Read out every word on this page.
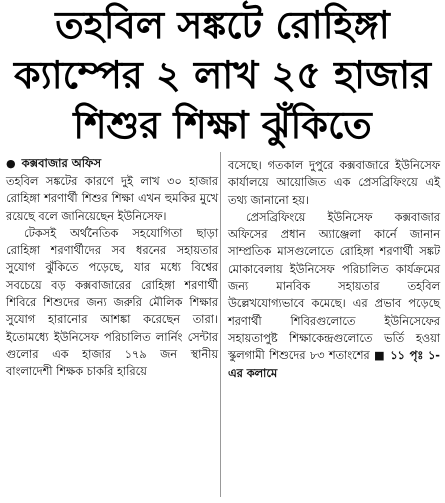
তহবিল সঙ্কটে রোহিঙ্গা
ক্যাম্পের ২ লাখ ২৫ হাজার
শিশুর শিক্ষা ঝুঁকিতে
● কক্সবাজার অফিস

তহবিল সঙ্কটের কারণে দুই লাখ ৩০ হাজার রোহিঙ্গা শরণার্থী শিশুর শিক্ষা এখন হুমকির মুখে রয়েছে বলে জানিয়েছেন ইউনিসেফ।

টেকসই অর্থনৈতিক সহযোগিতা ছাড়া রোহিঙ্গা শরণার্থীদের সব ধরনের সহায়তার সুযোগ ঝুঁকিতে পড়েছে, যার মধ্যে বিশ্বের সবচেয়ে বড় কক্সবাজারের রোহিঙ্গা শরণার্থী শিবিরে শিশুদের জন্য জরুরি মৌলিক শিক্ষার সুযোগ হারানোর আশঙ্কা করেছেন তারা। ইতোমধ্যে ইউনিসেফ পরিচালিত লার্নিং সেন্টার গুলোর এক হাজার ১৭৯ জন স্থানীয় বাংলাদেশী শিক্ষক চাকরি হারিয়ে

বসেছে। গতকাল দুপুরে কক্সবাজারে ইউনিসেফ কার্যালয়ে আয়োজিত এক প্রেসব্রিফিংয়ে এই তথ্য জানানো হয়।

প্রেসব্রিফিংয়ে ইউনিসেফ কক্সবাজার অফিসের প্রধান অ্যাঞ্জেলা কার্নে জানান সাম্প্রতিক মাসগুলোতে রোহিঙ্গা শরণার্থী সঙ্কট মোকাবেলায় ইউনিসেফ পরিচালিত কার্যক্রমের জন্য মানবিক সহায়তার তহবিল উল্লেখযোগ্যভাবে কমেছে। এর প্রভাব পড়েছে শরণার্থী শিবিরগুলোতে ইউনিসেফের সহায়তাপুষ্ট শিক্ষাকেন্দ্রগুলোতে ভর্তি হওয়া স্কুলগামী শিশুদের ৮৩ শতাংশের ■ ১১ পৃঃ ১-এর কলামে
